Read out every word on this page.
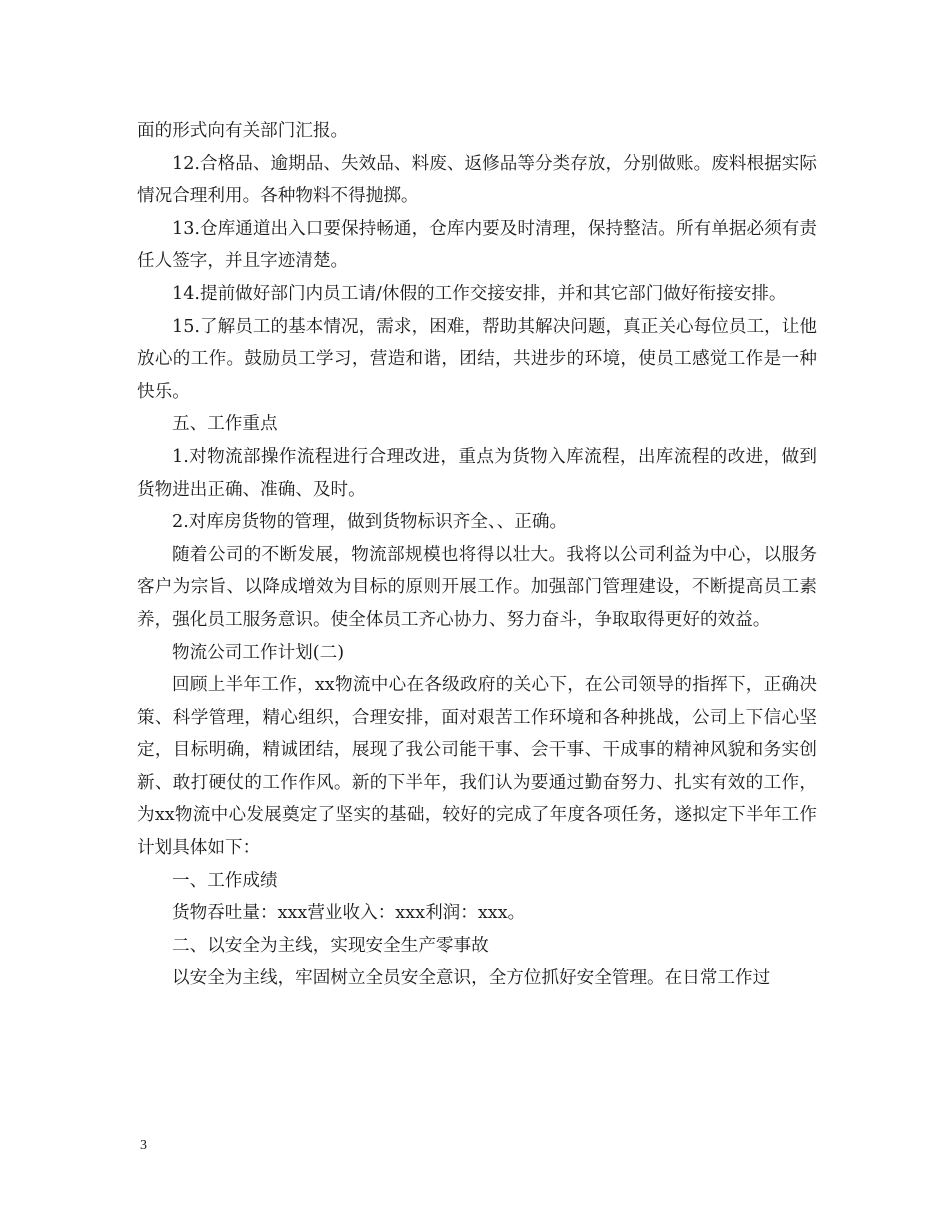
面的形式向有关部门汇报。

12.合格品、逾期品、失效品、料废、返修品等分类存放，分别做账。废料根据实际情况合理利用。各种物料不得抛掷。

13.仓库通道出入口要保持畅通，仓库内要及时清理，保持整洁。所有单据必须有责任人签字，并且字迹清楚。

14.提前做好部门内员工请/休假的工作交接安排，并和其它部门做好衔接安排。

15.了解员工的基本情况，需求，困难，帮助其解决问题，真正关心每位员工，让他放心的工作。鼓励员工学习，营造和谐，团结，共进步的环境，使员工感觉工作是一种快乐。

五、工作重点

1.对物流部操作流程进行合理改进，重点为货物入库流程，出库流程的改进，做到货物进出正确、准确、及时。

2.对库房货物的管理，做到货物标识齐全、、正确。

随着公司的不断发展，物流部规模也将得以壮大。我将以公司利益为中心，以服务客户为宗旨、以降成增效为目标的原则开展工作。加强部门管理建设，不断提高员工素养，强化员工服务意识。使全体员工齐心协力、努力奋斗，争取取得更好的效益。

物流公司工作计划(二)

回顾上半年工作，xx物流中心在各级政府的关心下，在公司领导的指挥下，正确决策、科学管理，精心组织，合理安排，面对艰苦工作环境和各种挑战，公司上下信心坚定，目标明确，精诚团结，展现了我公司能干事、会干事、干成事的精神风貌和务实创新、敢打硬仗的工作作风。新的下半年，我们认为要通过勤奋努力、扎实有效的工作，为xx物流中心发展奠定了坚实的基础，较好的完成了年度各项任务，遂拟定下半年工作计划具体如下：

一、工作成绩

货物吞吐量：xxx营业收入：xxx利润：xxx。

二、以安全为主线，实现安全生产零事故

以安全为主线，牢固树立全员安全意识，全方位抓好安全管理。在日常工作过

3
